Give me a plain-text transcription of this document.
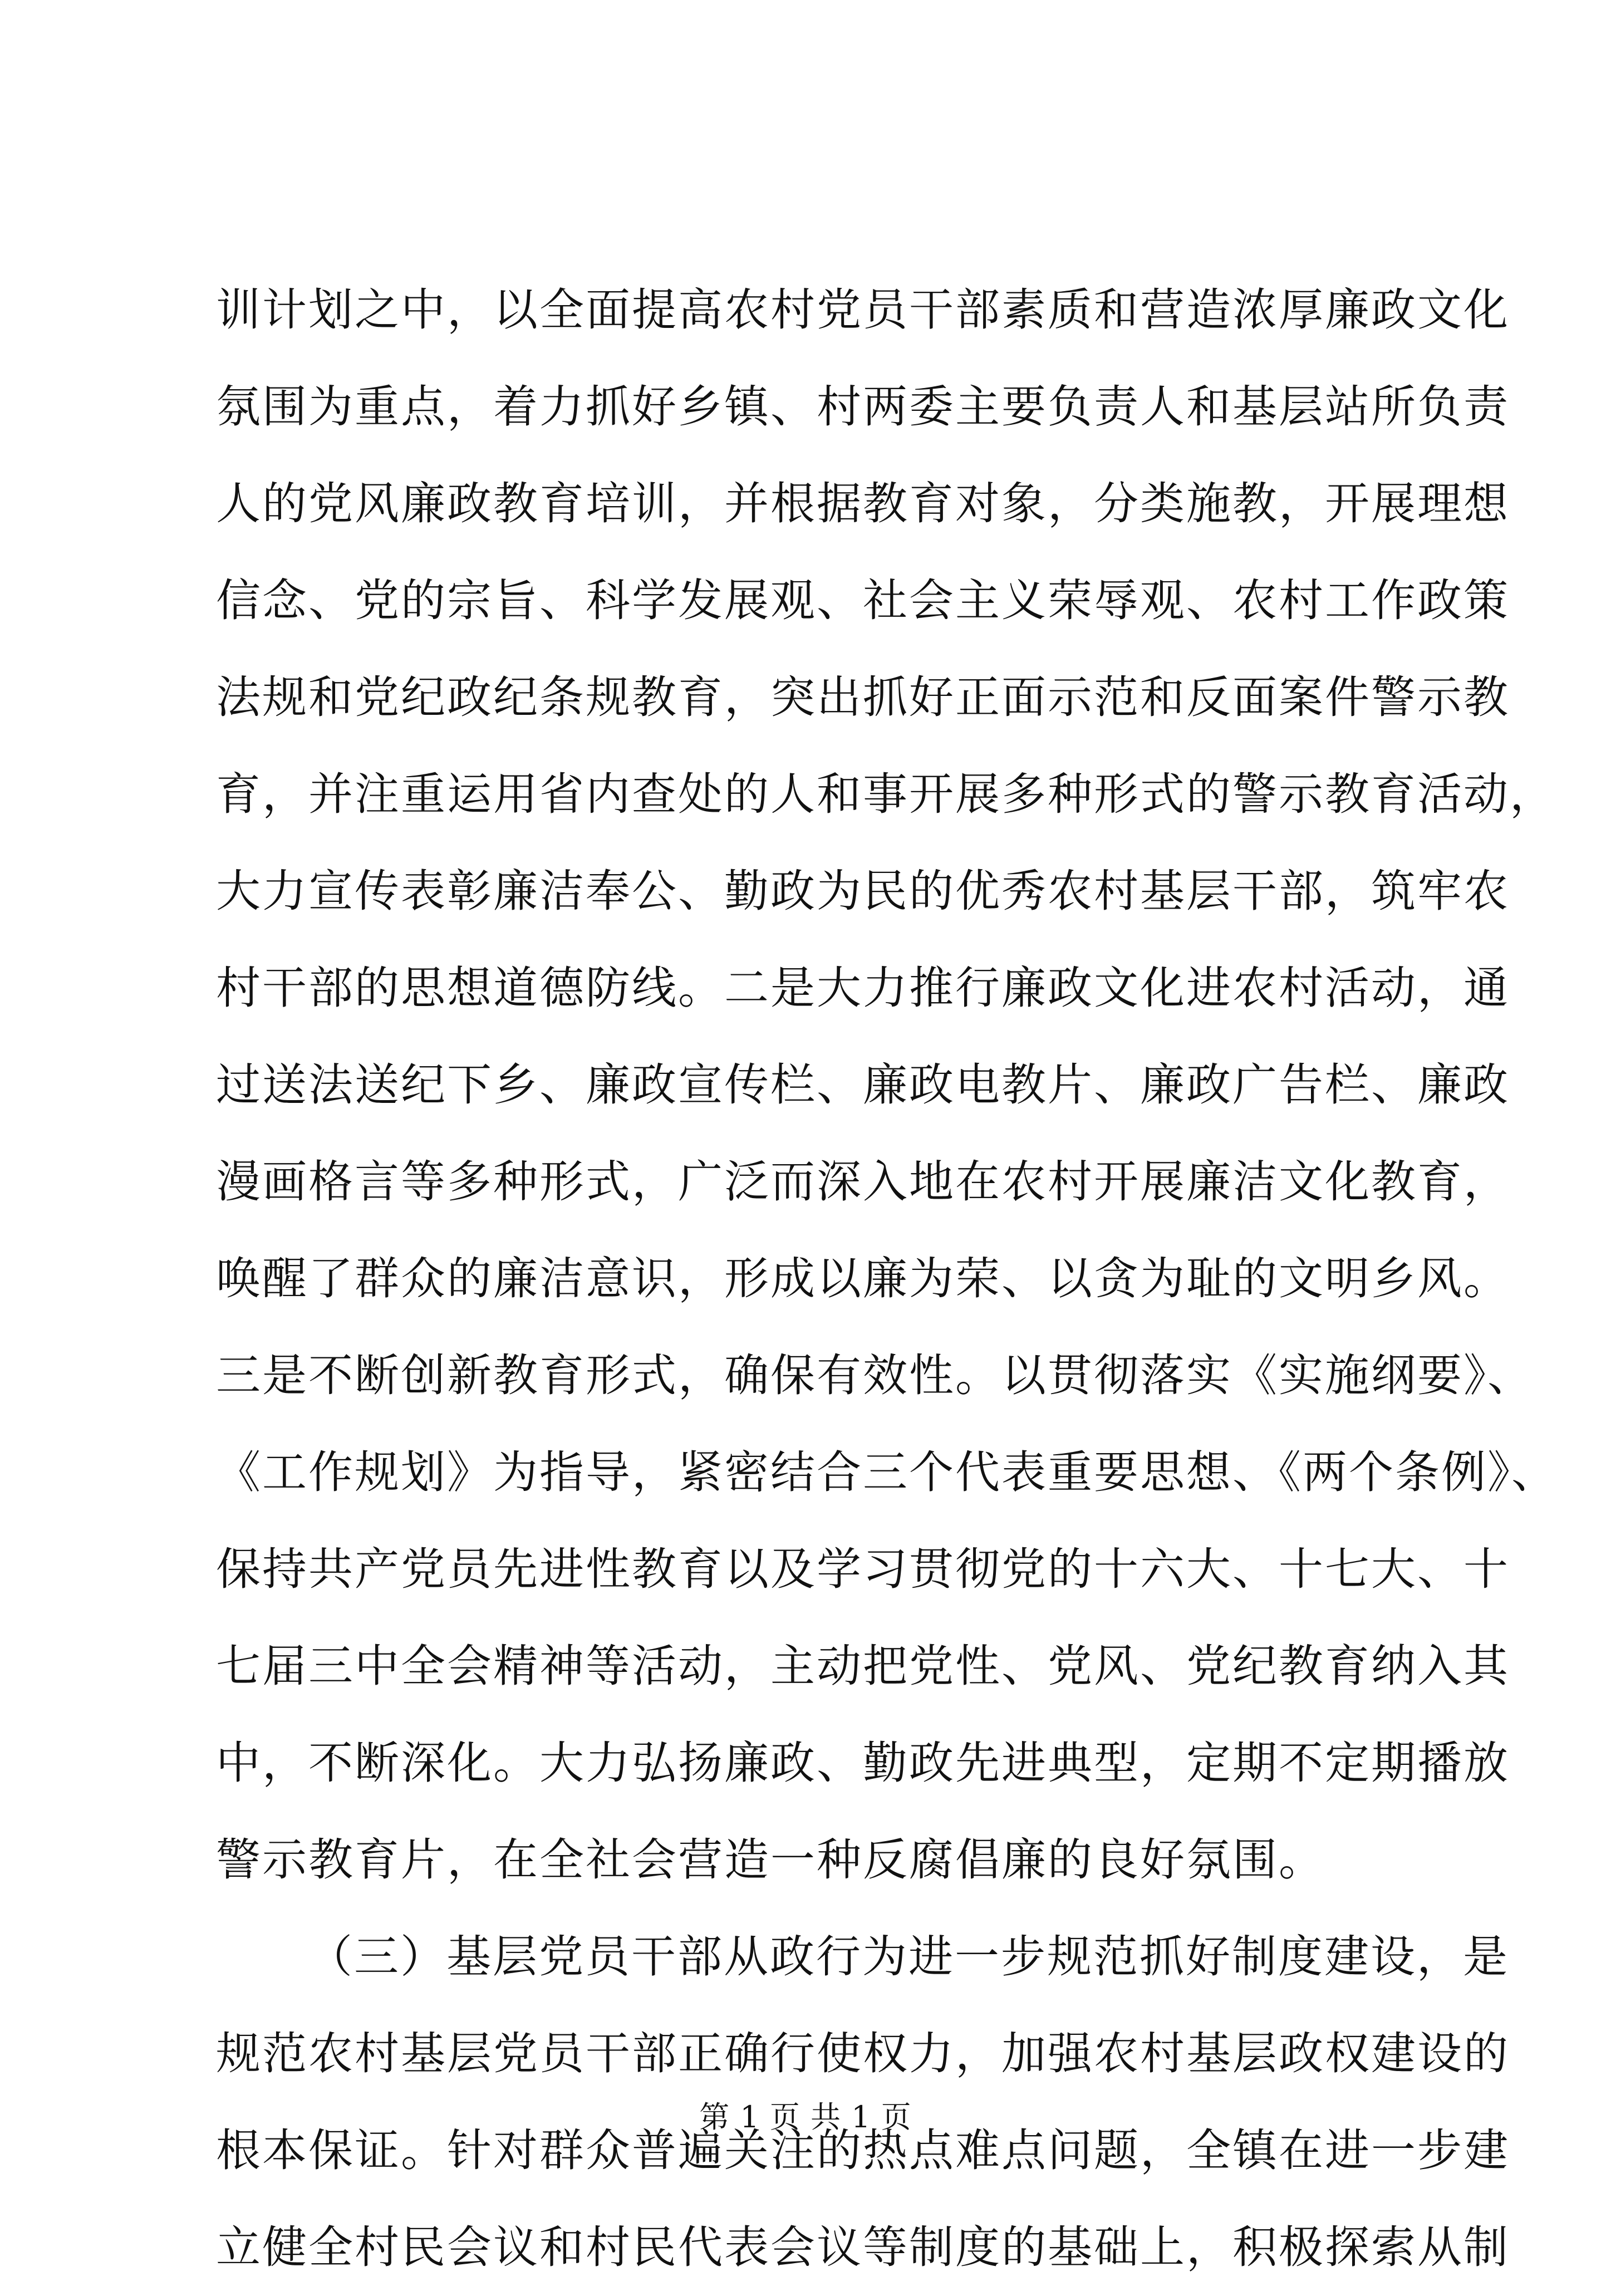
训计划之中，以全面提高农村党员干部素质和营造浓厚廉政文化
氛围为重点，着力抓好乡镇、村两委主要负责人和基层站所负责
人的党风廉政教育培训，并根据教育对象，分类施教，开展理想
信念、党的宗旨、科学发展观、社会主义荣辱观、农村工作政策
法规和党纪政纪条规教育，突出抓好正面示范和反面案件警示教
育，并注重运用省内查处的人和事开展多种形式的警示教育活动，
大力宣传表彰廉洁奉公、勤政为民的优秀农村基层干部，筑牢农
村干部的思想道德防线。二是大力推行廉政文化进农村活动，通
过送法送纪下乡、廉政宣传栏、廉政电教片、廉政广告栏、廉政
漫画格言等多种形式，广泛而深入地在农村开展廉洁文化教育，
唤醒了群众的廉洁意识，形成以廉为荣、以贪为耻的文明乡风。
三是不断创新教育形式，确保有效性。以贯彻落实《实施纲要》、
《工作规划》为指导，紧密结合三个代表重要思想、《两个条例》、
保持共产党员先进性教育以及学习贯彻党的十六大、十七大、十
七届三中全会精神等活动，主动把党性、党风、党纪教育纳入其
中，不断深化。大力弘扬廉政、勤政先进典型，定期不定期播放
警示教育片，在全社会营造一种反腐倡廉的良好氛围。
（三）基层党员干部从政行为进一步规范抓好制度建设，是
规范农村基层党员干部正确行使权力，加强农村基层政权建设的
根本保证。针对群众普遍关注的热点难点问题，全镇在进一步建
立健全村民会议和村民代表会议等制度的基础上，积极探索从制
第 1 页 共 1 页
